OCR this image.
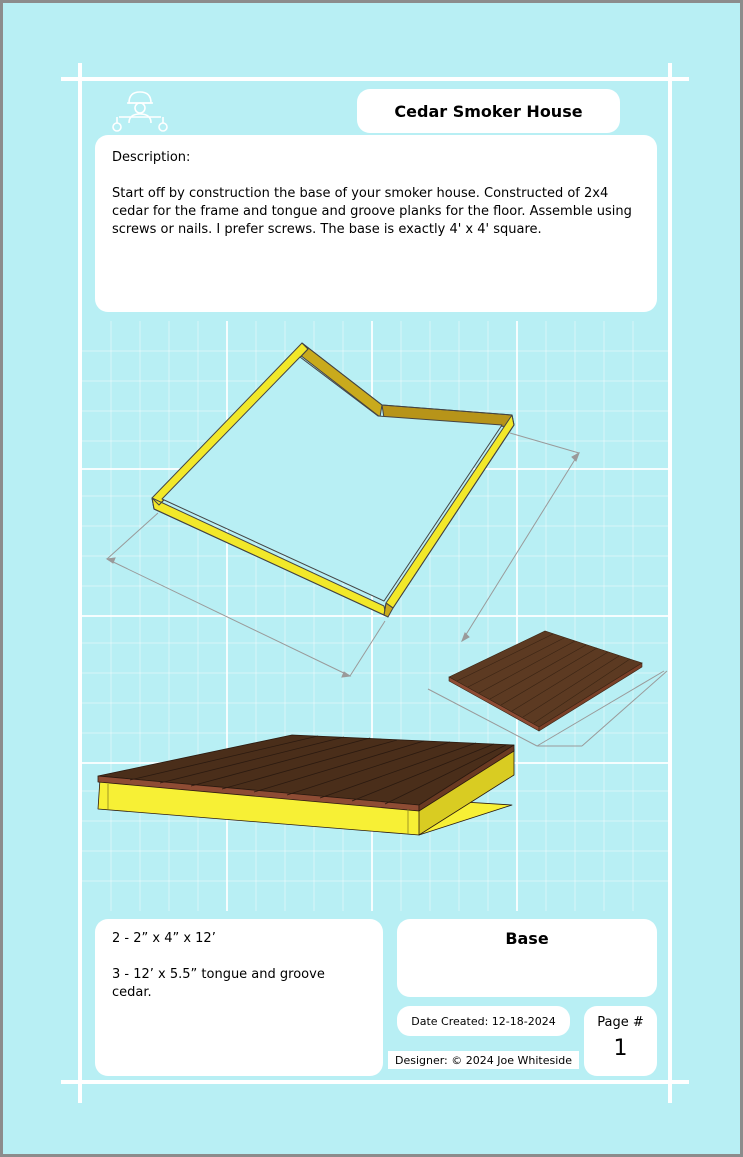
Cedar Smoker House
Description:
Start off by construction the base of your smoker house. Constructed of 2x4 cedar for the frame and tongue and groove planks for the floor. Assemble using screws or nails. I prefer screws. The base is exactly 4' x 4' square.

2 - 2” x 4” x 12’

3 - 12’ x 5.5” tongue and groove cedar.

Base
Date Created: 12-18-2024	Page #
1
Designer: © 2024 Joe Whiteside
